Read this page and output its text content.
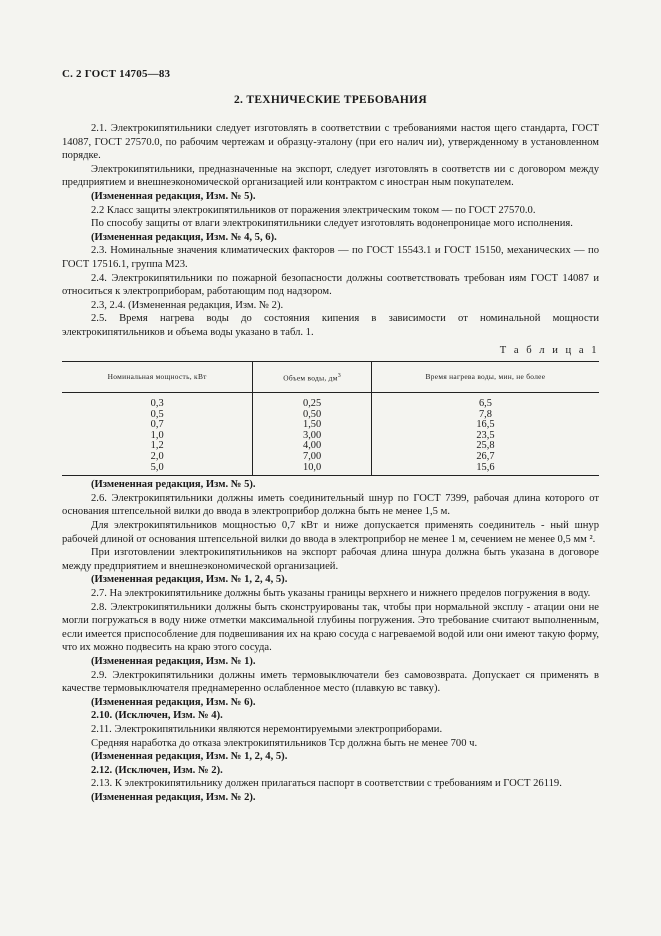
С. 2 ГОСТ 14705—83
2. ТЕХНИЧЕСКИЕ ТРЕБОВАНИЯ

2.1. Электрокипятильники следует изготовлять в соответствии с требованиями настоя щего стандарта, ГОСТ 14087, ГОСТ 27570.0, по рабочим чертежам и образцу-эталону (при его налич ии), утвержденному в установленном порядке.

Электрокипятильники, предназначенные на экспорт, следует изготовлять в соответств ии с договором между предприятием и внешнеэкономической организацией или контрактом с иностран ным покупателем.

(Измененная редакция, Изм. № 5).

2.2 Класс защиты электрокипятильников от поражения электрическим током — по ГОСТ 27570.0.

По способу защиты от влаги электрокипятильники следует изготовлять водонепроницае мого исполнения.

(Измененная редакция, Изм. № 4, 5, 6).

2.3. Номинальные значения климатических факторов — по ГОСТ 15543.1 и ГОСТ 15150, механических — по ГОСТ 17516.1, группа М23.

2.4. Электрокипятильники по пожарной безопасности должны соответствовать требован иям ГОСТ 14087 и относиться к электроприборам, работающим под надзором.

2.3, 2.4. (Измененная редакция, Изм. № 2).

2.5. Время нагрева воды до состояния кипения в зависимости от номинальной мощности электрокипятильников и объема воды указано в табл. 1.

Т а б л и ц а 1
Номинальная мощность, кВт	Объем воды, $дм^3$	Время нагрева воды, мин, не более
0,3	0,25	6,5
0,5	0,50	7,8
0,7	1,50	16,5
1,0	3,00	23,5
1,2	4,00	25,8
2,0	7,00	26,7
5,0	10,0	15,6

(Измененная редакция, Изм. № 5).

2.6. Электрокипятильники должны иметь соединительный шнур по ГОСТ 7399, рабочая длина которого от основания штепсельной вилки до ввода в электроприбор должна быть не менее 1,5 м.

Для электрокипятильников мощностью 0,7 кВт и ниже допускается применять соединитель - ный шнур рабочей длиной от основания штепсельной вилки до ввода в электроприбор не менее 1 м, сечением не менее 0,5 мм ².

При изготовлении электрокипятильников на экспорт рабочая длина шнура должна быть указана в договоре между предприятием и внешнеэкономической организацией.

(Измененная редакция, Изм. № 1, 2, 4, 5).

2.7. На электрокипятильнике должны быть указаны границы верхнего и нижнего пределов погружения в воду.

2.8. Электрокипятильники должны быть сконструированы так, чтобы при нормальной эксплу - атации они не могли погружаться в воду ниже отметки максимальной глубины погружения. Это требование считают выполненным, если имеется приспособление для подвешивания их на краю сосуда с нагреваемой водой или они имеют такую форму, что их можно подвесить на краю этого сосуда.

(Измененная редакция, Изм. № 1).

2.9. Электрокипятильники должны иметь термовыключатели без самовозврата. Допускает ся применять в качестве термовыключателя преднамеренно ослабленное место (плавкую вс тавку).

(Измененная редакция, Изм. № 6).

2.10. (Исключен, Изм. № 4).

2.11. Электрокипятильники являются неремонтируемыми электроприборами.

Средняя наработка до отказа электрокипятильников Тср должна быть не менее 700 ч.

(Измененная редакция, Изм. № 1, 2, 4, 5).

2.12. (Исключен, Изм. № 2).

2.13. К электрокипятильнику должен прилагаться паспорт в соответствии с требованиям и ГОСТ 26119.

(Измененная редакция, Изм. № 2).
